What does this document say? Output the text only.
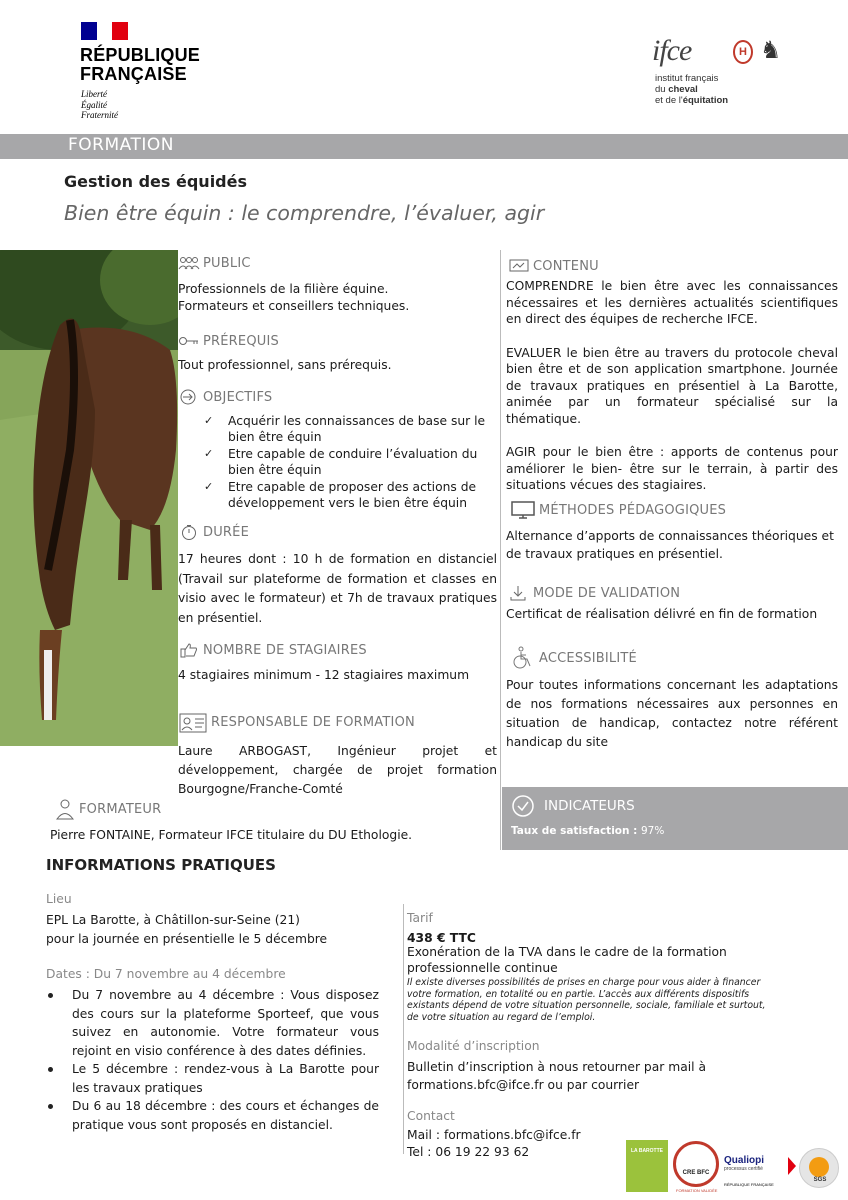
RÉPUBLIQUE
FRANÇAISE
Liberté
Égalité
Fraternité
ifce	H ♞
institut français
du cheval
et de l'équitation
FORMATION
Gestion des équidés
Bien être équin : le comprendre, l’évaluer, agir
PUBLIC
Professionnels de la filière équine.
Formateurs et conseillers techniques.
PRÉREQUIS
Tout professionnel, sans prérequis.
OBJECTIFS
✓ Acquérir les connaissances de base sur le bien être équin
✓ Etre capable de conduire l’évaluation du bien être équin
✓ Etre capable de proposer des actions de développement vers le bien être équin
DURÉE
17 heures dont : 10 h de formation en distanciel (Travail sur plateforme de formation et classes en visio avec le formateur) et 7h de travaux pratiques en présentiel.
NOMBRE DE STAGIAIRES
4 stagiaires minimum - 12 stagiaires maximum
RESPONSABLE DE FORMATION
Laure ARBOGAST, Ingénieur projet et développement, chargée de projet formation Bourgogne/Franche-Comté
FORMATEUR
Pierre FONTAINE, Formateur IFCE titulaire du DU Ethologie.
CONTENU
COMPRENDRE le bien être avec les connaissances nécessaires et les dernières actualités scientifiques en direct des équipes de recherche IFCE.
EVALUER le bien être au travers du protocole cheval bien être et de son application smartphone. Journée de travaux pratiques en présentiel à La Barotte, animée par un formateur spécialisé sur la thématique.
AGIR pour le bien être : apports de contenus pour améliorer le bien- être sur le terrain, à partir des situations vécues des stagiaires.
MÉTHODES PÉDAGOGIQUES
Alternance d’apports de connaissances théoriques et de travaux pratiques en présentiel.
MODE DE VALIDATION
Certificat de réalisation délivré en fin de formation
ACCESSIBILITÉ
Pour toutes informations concernant les adaptations de nos formations nécessaires aux personnes en situation de handicap, contactez notre référent handicap du site
INDICATEURS
Taux de satisfaction : 97%
INFORMATIONS PRATIQUES
Lieu
EPL La Barotte, à Châtillon-sur-Seine (21)
pour la journée en présentielle le 5 décembre
Dates : Du 7 novembre au 4 décembre
Du 7 novembre au 4 décembre : Vous disposez des cours sur la plateforme Sporteef, que vous suivez en autonomie. Votre formateur vous rejoint en visio conférence à des dates définies.
Le 5 décembre : rendez-vous à La Barotte pour les travaux pratiques
Du 6 au 18 décembre : des cours et échanges de pratique vous sont proposés en distanciel.
Tarif
438 € TTC
Exonération de la TVA dans le cadre de la formation professionnelle continue
Il existe diverses possibilités de prises en charge pour vous aider à financer votre formation, en totalité ou en partie. L’accès aux différents dispositifs existants dépend de votre situation personnelle, sociale, familiale et surtout, de votre situation au regard de l’emploi.
Modalité d’inscription
Bulletin d’inscription à nous retourner par mail à
formations.bfc@ifce.fr ou par courrier
Contact
Mail : formations.bfc@ifce.fr
Tel : 06 19 22 93 62	LA BAROTTE
CRE BFC
FORMATION VALIDÉE
Qualiopi
processus certifié
RÉPUBLIQUE FRANÇAISE
SGS
